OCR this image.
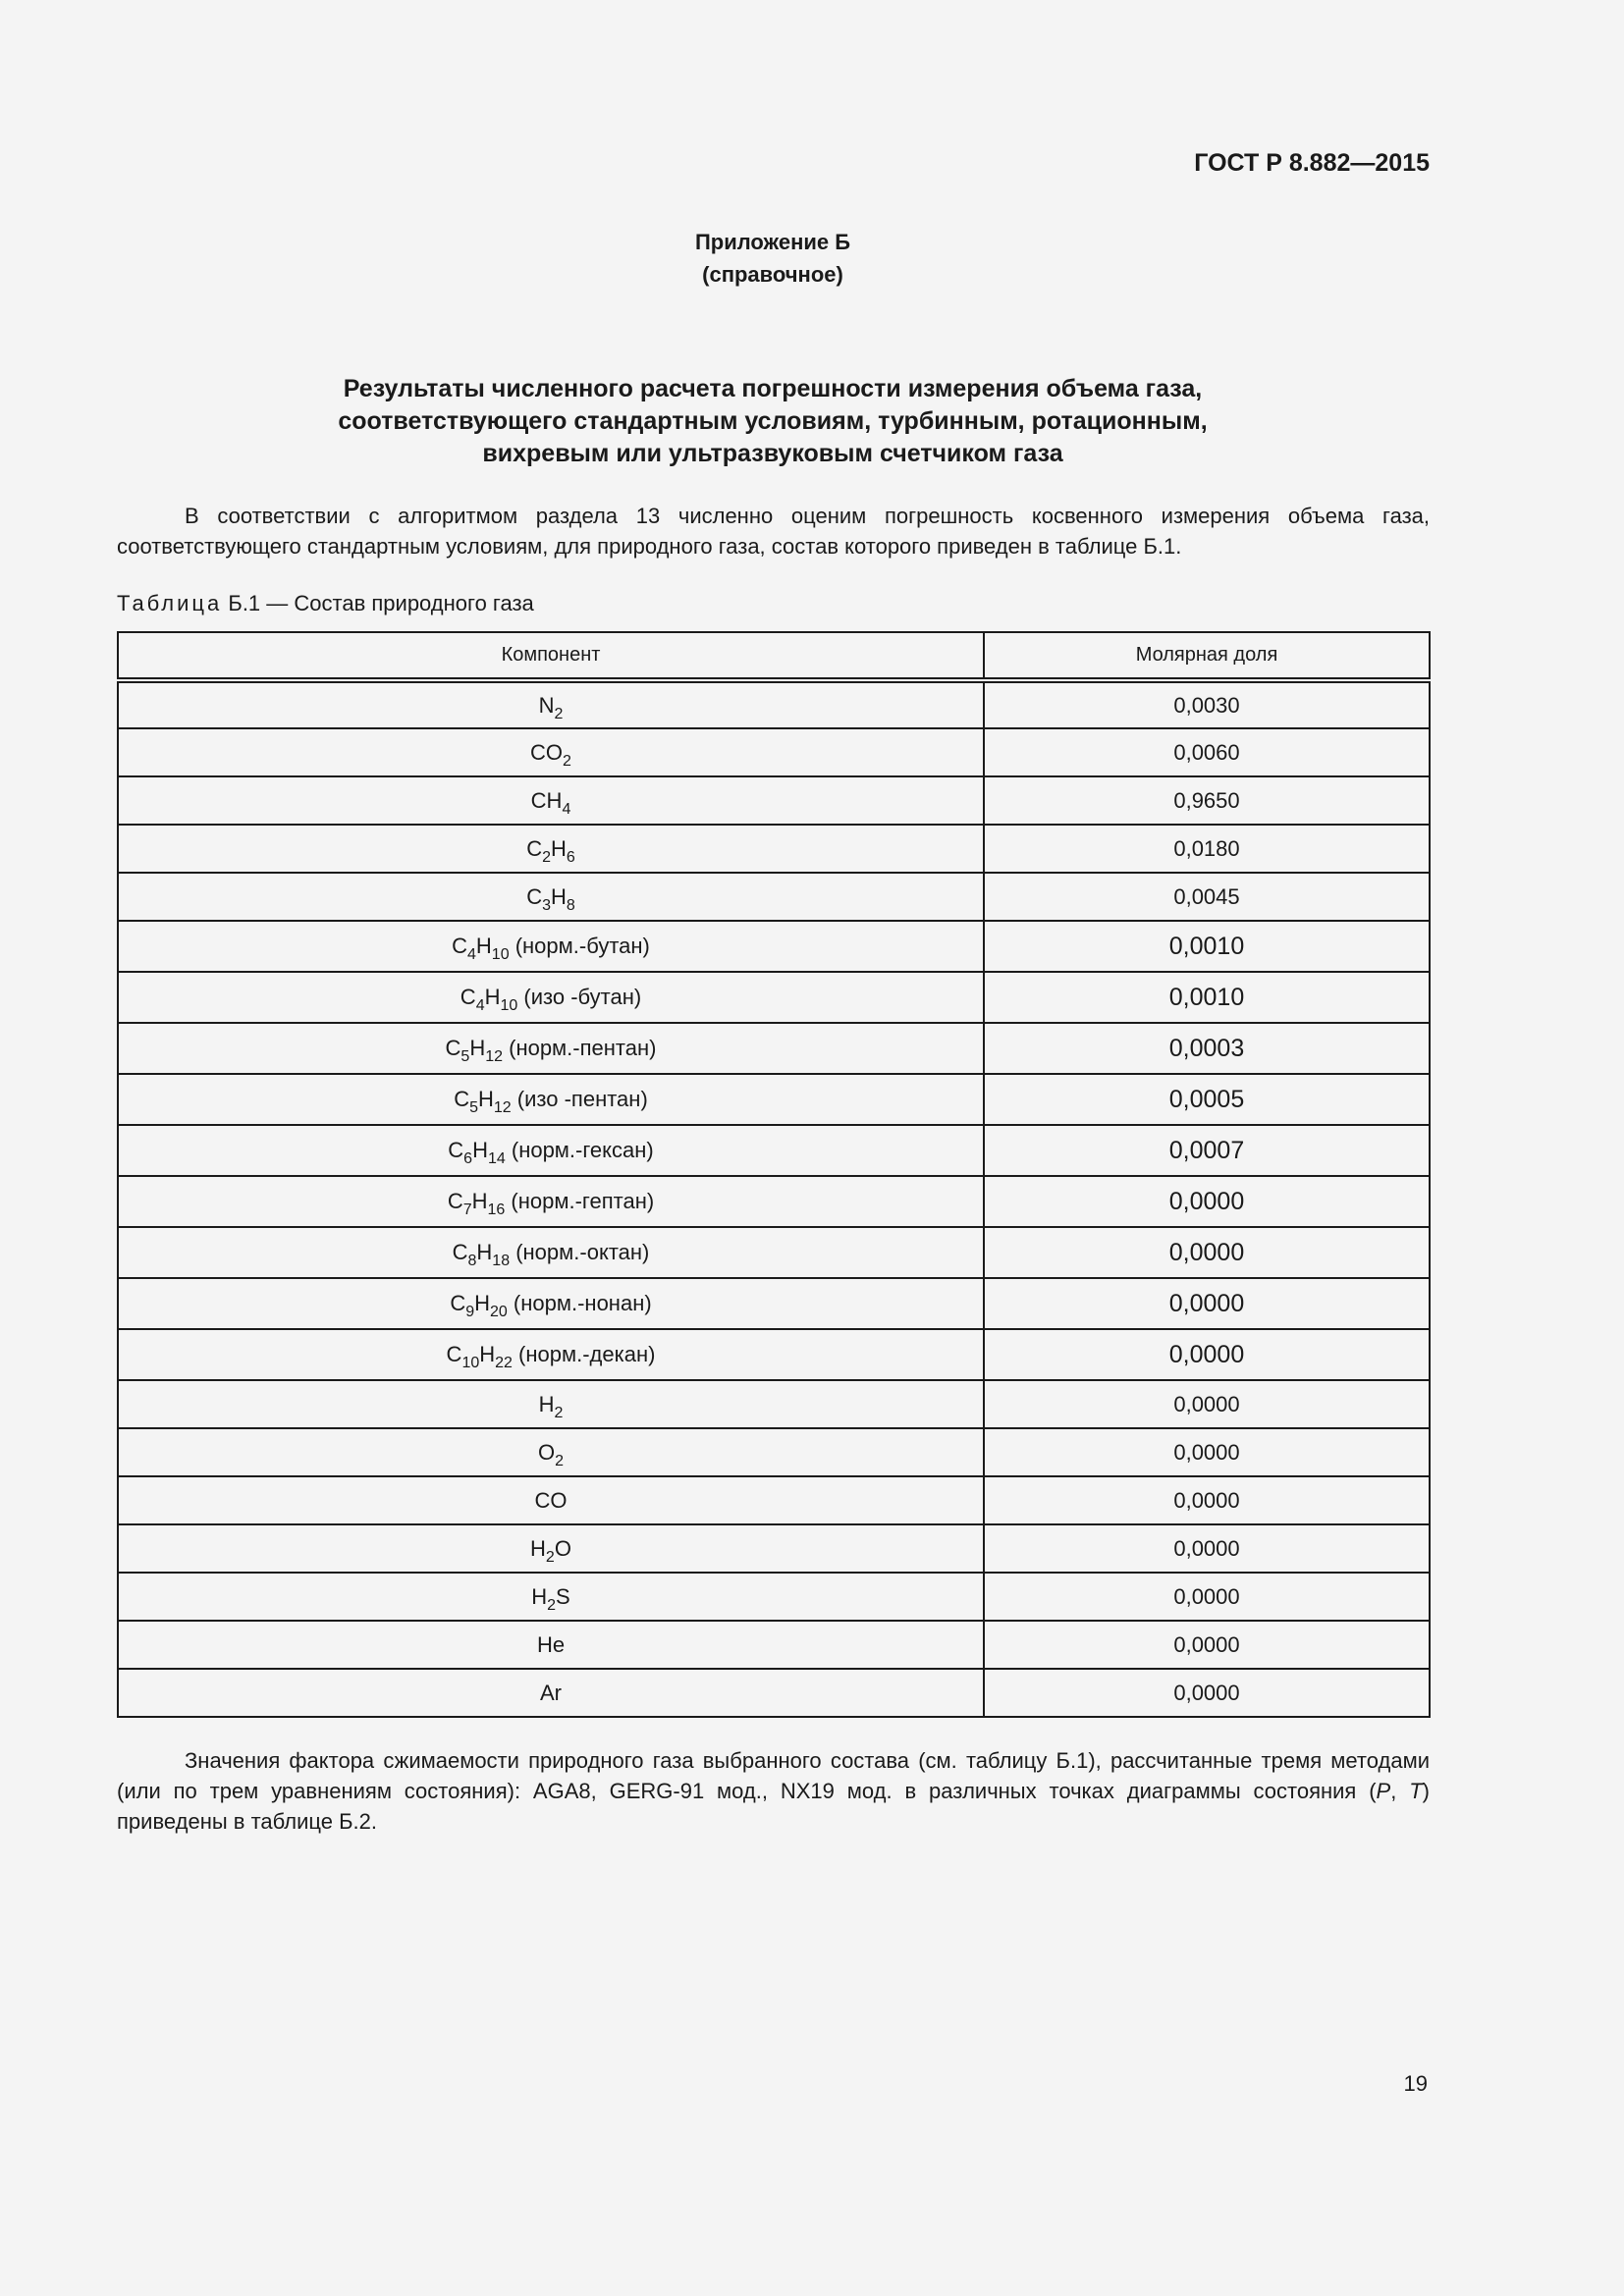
ГОСТ Р 8.882—2015
Приложение Б
(справочное)
Результаты численного расчета погрешности измерения объема газа,
соответствующего стандартным условиям, турбинным, ротационным,
вихревым или ультразвуковым счетчиком газа
В соответствии с алгоритмом раздела 13 численно оценим погрешность косвенного измерения объема газа, соответствующего стандартным условиям, для природного газа, состав которого приведен в таблице Б.1.
Таблица Б.1 — Состав природного газа
Компонент	Молярная доля
$N_2$	0,0030
$CO_2$	0,0060
$CH_4$	0,9650
$C_2H_6$	0,0180
$C_3H_8$	0,0045
$C_4H_{10}$ (норм.-бутан)	0,0010
$C_4H_{10}$ (изо -бутан)	0,0010
$C_5H_{12}$ (норм.-пентан)	0,0003
$C_5H_{12}$ (изо -пентан)	0,0005
$C_6H_{14}$ (норм.-гексан)	0,0007
$C_7H_{16}$ (норм.-гептан)	0,0000
$C_8H_{18}$ (норм.-октан)	0,0000
$C_9H_{20}$ (норм.-нонан)	0,0000
$C_{10}H_{22}$ (норм.-декан)	0,0000
$H_2$	0,0000
$O_2$	0,0000
CO	0,0000
$H_2O$	0,0000
$H_2S$	0,0000
He	0,0000
Ar	0,0000
Значения фактора сжимаемости природного газа выбранного состава (см. таблицу Б.1), рассчитанные тремя методами (или по трем уравнениям состояния): AGA8, GERG-91 мод., NX19 мод. в различных точках диаграммы состояния (P, T) приведены в таблице Б.2.
19
